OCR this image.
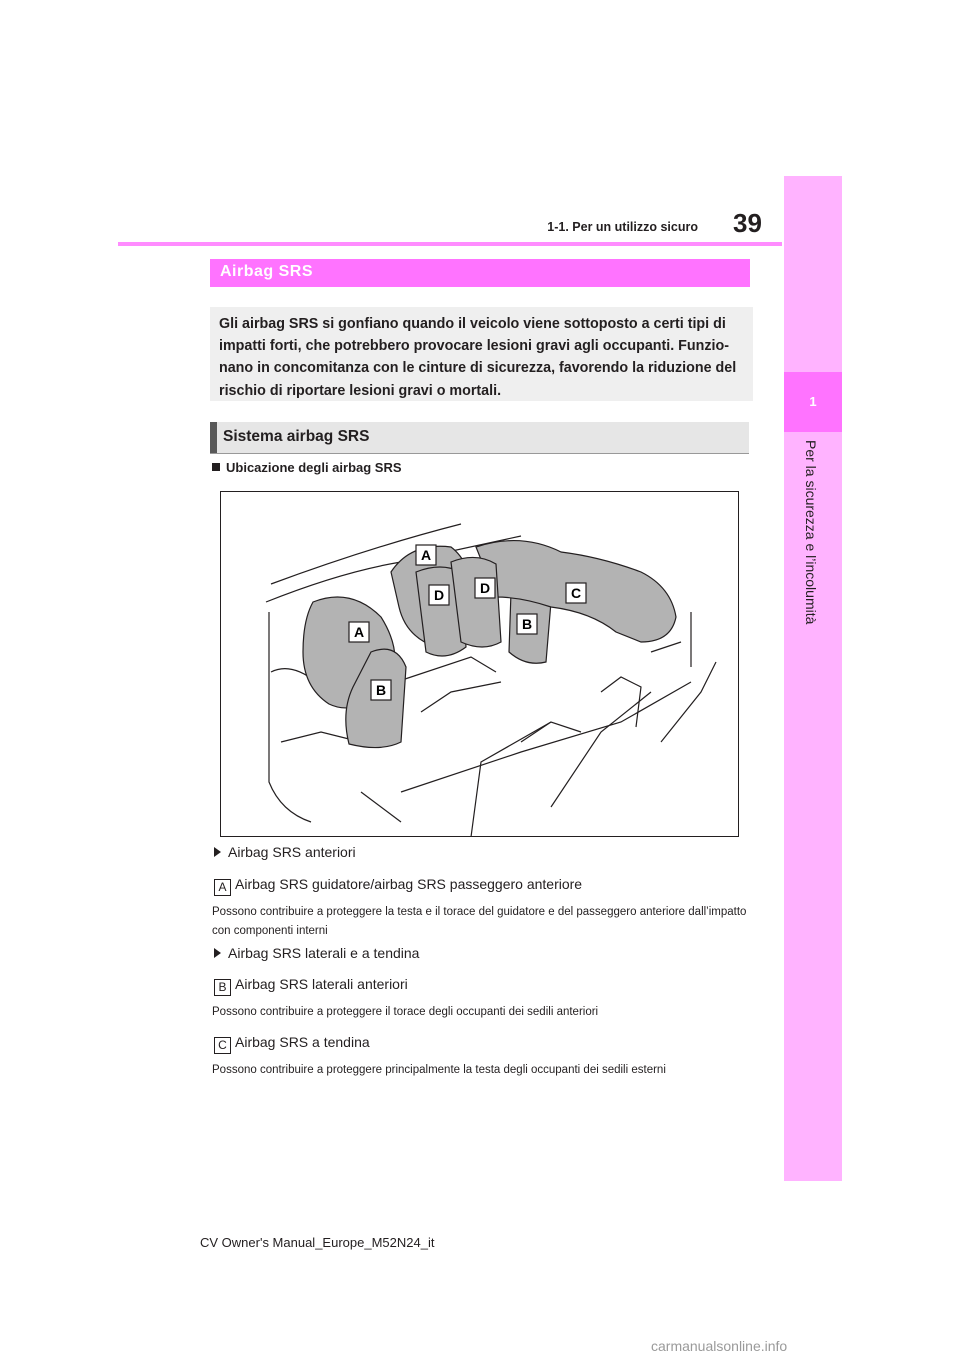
1
Per la sicurezza e l’incolumità
39
1-1. Per un utilizzo sicuro
Airbag SRS
Gli airbag SRS si gonfiano quando il veicolo viene sottoposto a certi tipi di impatti forti, che potrebbero provocare lesioni gravi agli occupanti. Funzio-nano in concomitanza con le cinture di sicurezza, favorendo la riduzione del rischio di riportare lesioni gravi o mortali.
Sistema airbag SRS
Ubicazione degli airbag SRS
A
A
B
D	D	C
B
Airbag SRS anteriori
A Airbag SRS guidatore/airbag SRS passeggero anteriore
Possono contribuire a proteggere la testa e il torace del guidatore e del passeggero anteriore dall’impatto con componenti interni
Airbag SRS laterali e a tendina
B Airbag SRS laterali anteriori
Possono contribuire a proteggere il torace degli occupanti dei sedili anteriori
C Airbag SRS a tendina
Possono contribuire a proteggere principalmente la testa degli occupanti dei sedili esterni
CV Owner's Manual_Europe_M52N24_it
carmanualsonline.info
